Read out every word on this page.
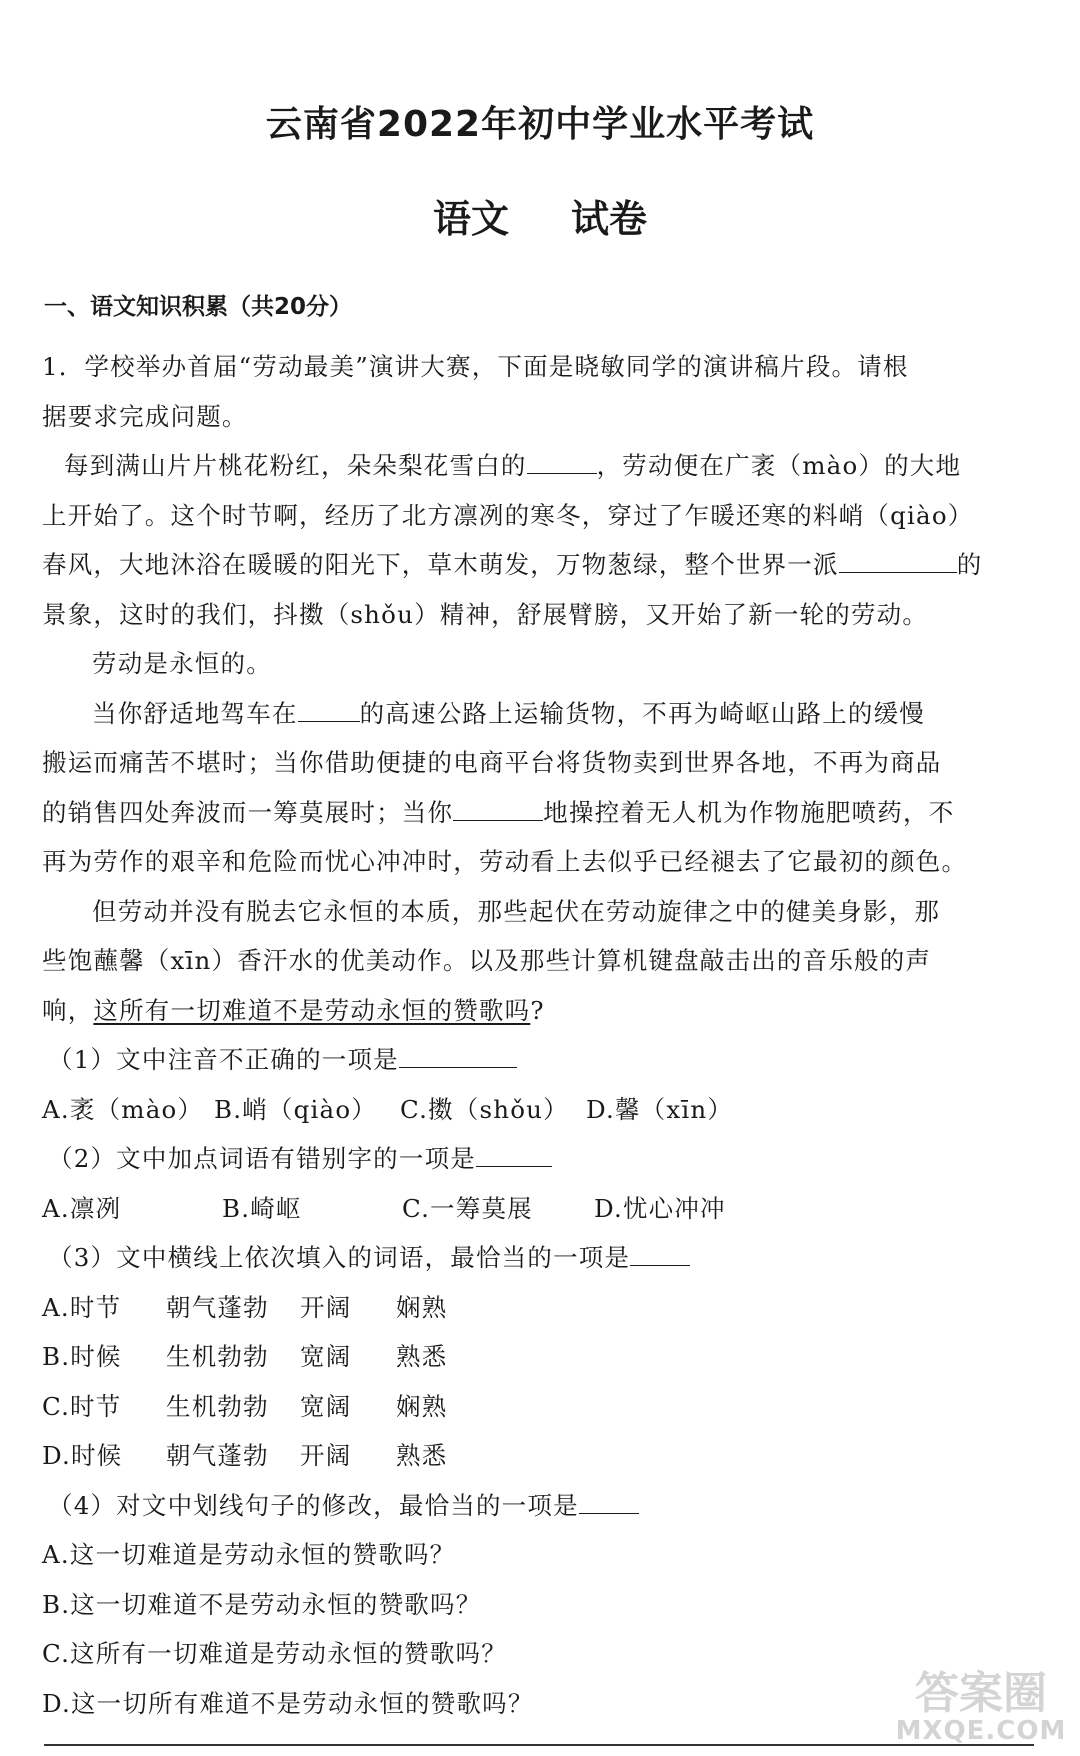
云南省2022年初中学业水平考试
语文 试卷
一、语文知识积累（共20分）
1．学校举办首届“劳动最美”演讲大赛，下面是晓敏同学的演讲稿片段。请根
据要求完成问题。
每到满山片片桃花粉红，朵朵梨花雪白的	，劳动便在广袤（mào）的大地
上开始了。这个时节啊，经历了北方凛冽的寒冬，穿过了乍暖还寒的料峭（qiào）
春风，大地沐浴在暖暖的阳光下，草木萌发，万物葱绿，整个世界一派	的
景象，这时的我们，抖擞（shǒu）精神，舒展臂膀，又开始了新一轮的劳动。
劳动是永恒的。
当你舒适地驾车在	的高速公路上运输货物，不再为崎岖山路上的缓慢
搬运而痛苦不堪时；当你借助便捷的电商平台将货物卖到世界各地，不再为商品
的销售四处奔波而一筹莫展时；当你	地操控着无人机为作物施肥喷药，不
再为劳作的艰辛和危险而忧心冲冲时，劳动看上去似乎已经褪去了它最初的颜色。
但劳动并没有脱去它永恒的本质，那些起伏在劳动旋律之中的健美身影，那
些饱蘸馨（xīn）香汗水的优美动作。以及那些计算机键盘敲击出的音乐般的声
响，这所有一切难道不是劳动永恒的赞歌吗?
（1）文中注音不正确的一项是
A.袤（mào） B.峭（qiào） C.擞（shǒu） D.馨（xīn）
（2）文中加点词语有错别字的一项是
A.凛冽	B.崎岖	C.一筹莫展 D.忧心冲冲
（3）文中横线上依次填入的词语，最恰当的一项是
A.时节 朝气蓬勃 开阔 娴熟
B.时候 生机勃勃 宽阔 熟悉
C.时节 生机勃勃 宽阔 娴熟
D.时候 朝气蓬勃 开阔 熟悉
（4）对文中划线句子的修改，最恰当的一项是
A.这一切难道是劳动永恒的赞歌吗？
B.这一切难道不是劳动永恒的赞歌吗？
C.这所有一切难道是劳动永恒的赞歌吗？
D.这一切所有难道不是劳动永恒的赞歌吗？	答案圈
MXQE.COM
